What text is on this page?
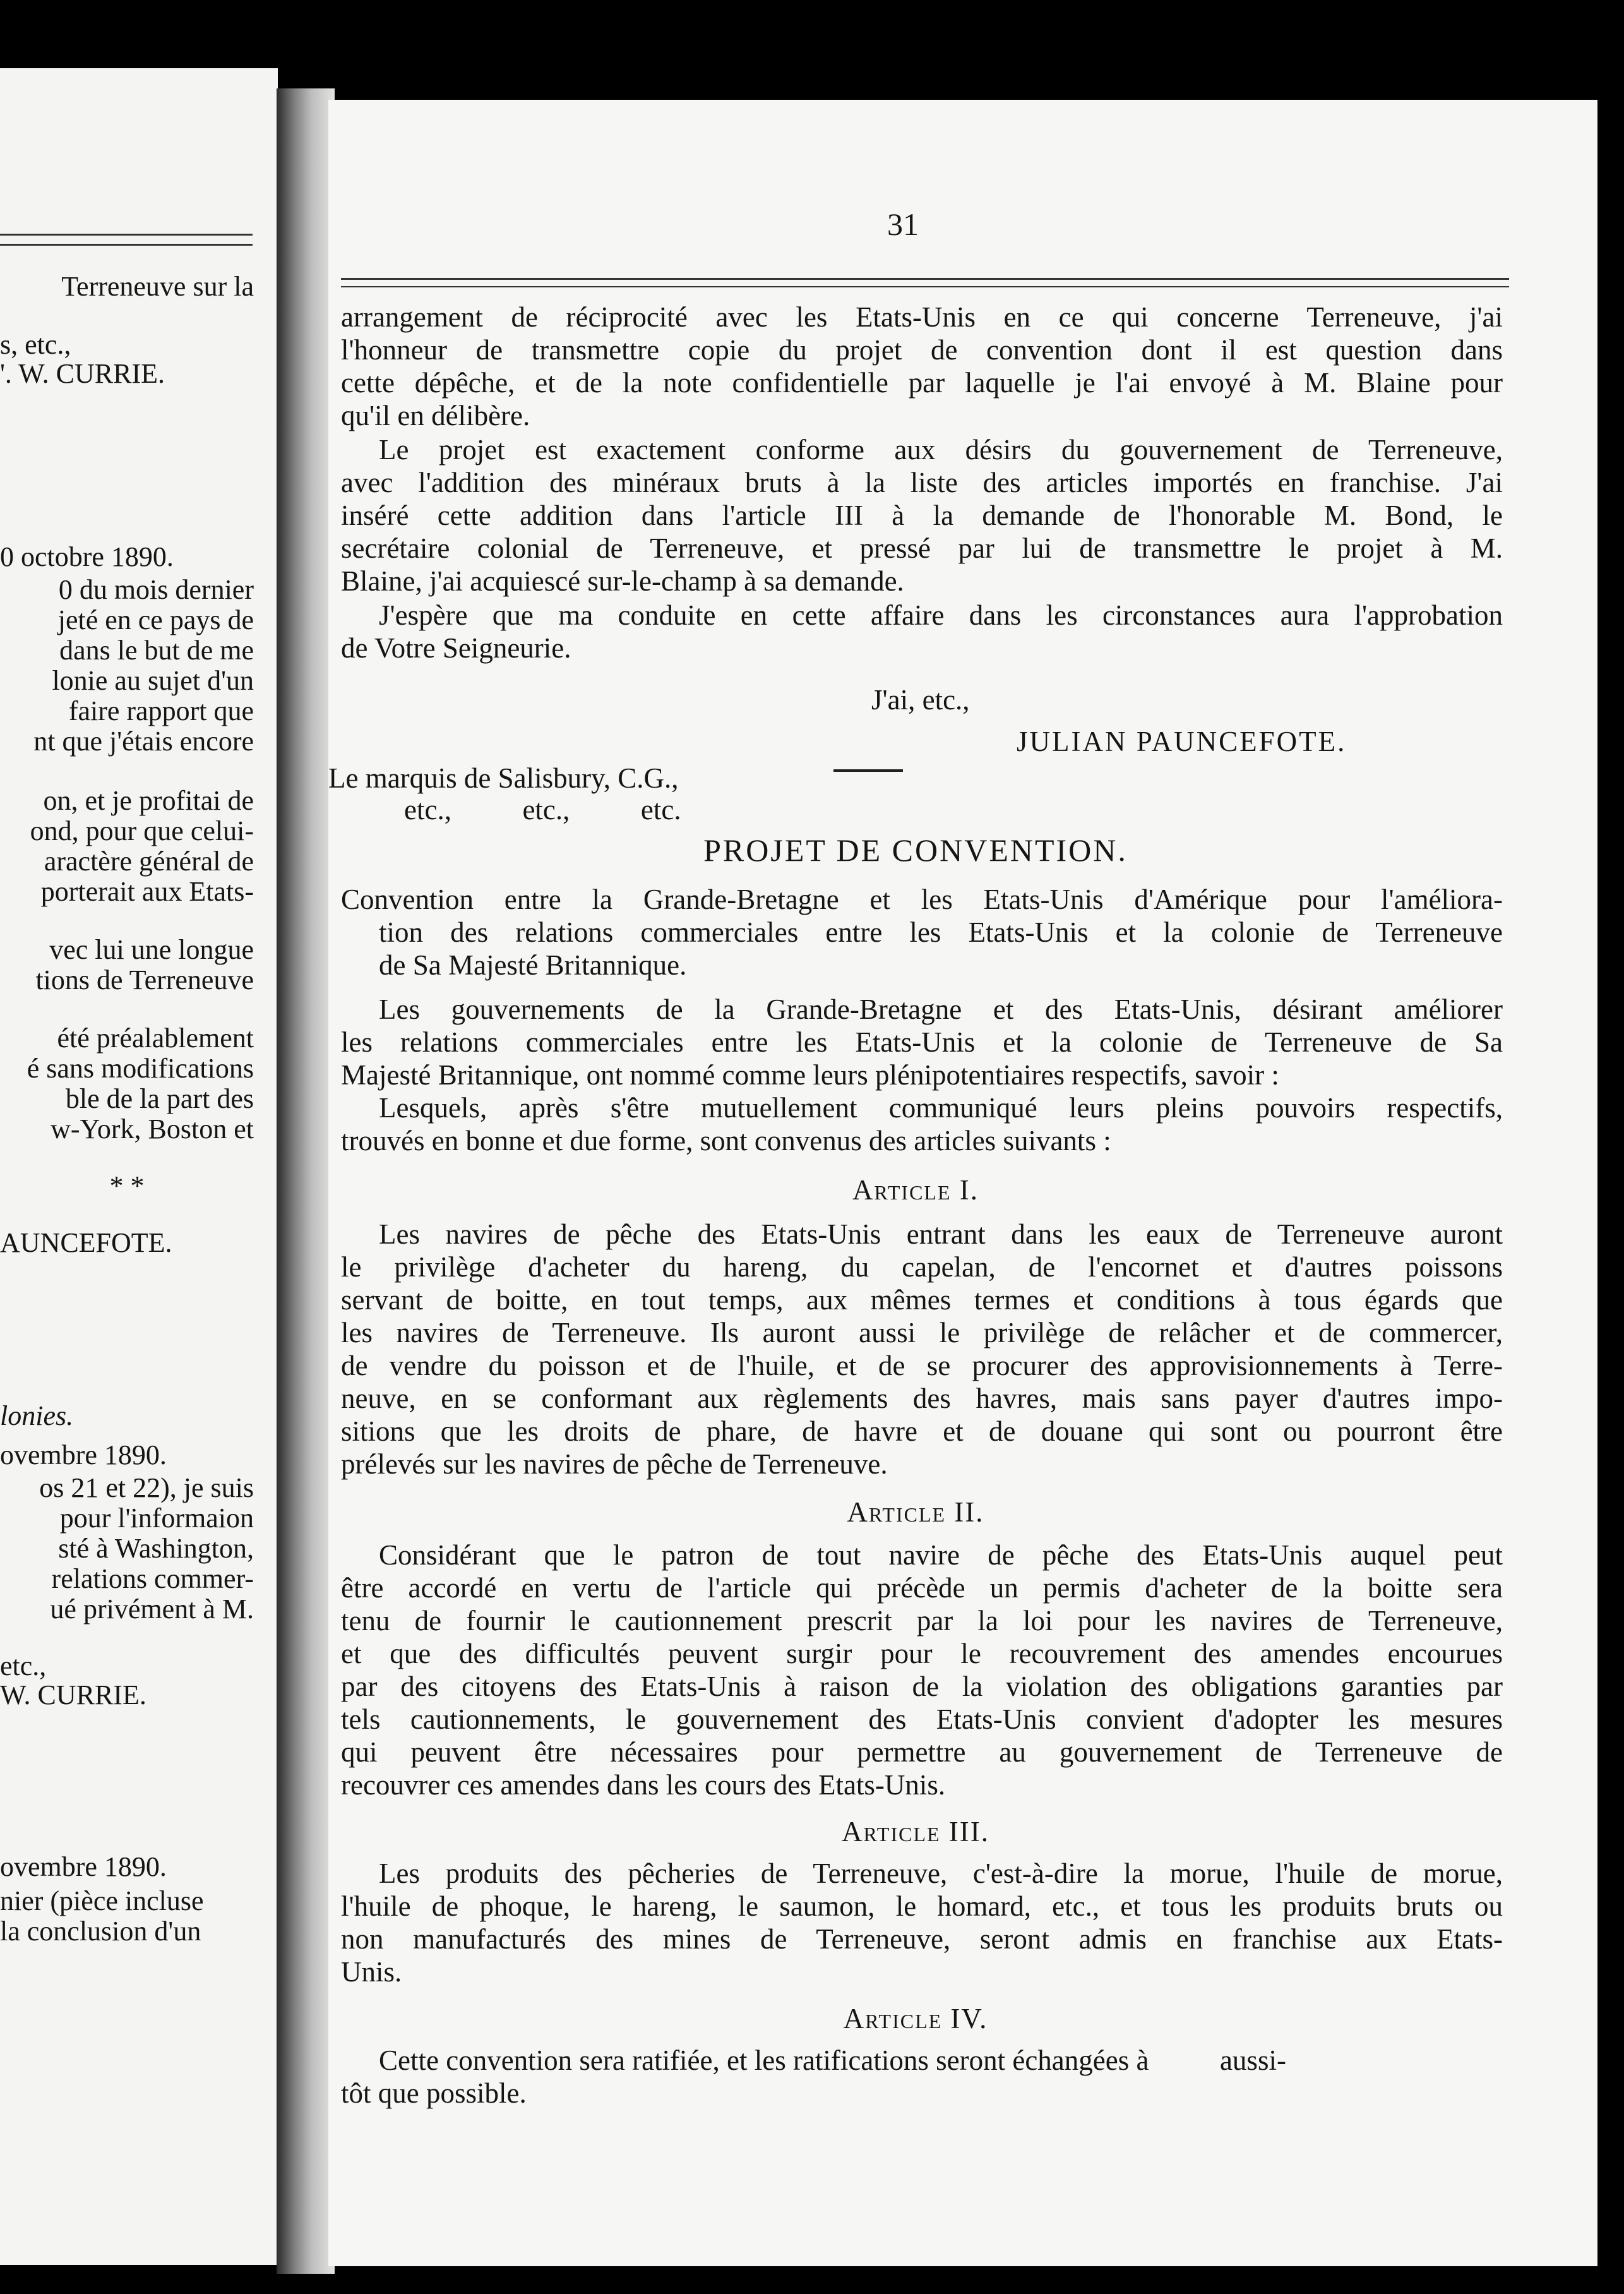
Terreneuve sur la
s, etc.,
'. W. CURRIE.
0 octobre 1890.
0 du mois dernier
jeté en ce pays de
dans le but de me
lonie au sujet d'un
faire rapport que
nt que j'étais encore
on, et je profitai de
ond, pour que celui-
aractère général de
porterait aux Etats-
vec lui une longue
tions de Terreneuve
été préalablement
é sans modifications
ble de la part des
w-York, Boston et
* *
AUNCEFOTE.
lonies.
ovembre 1890.
os 21 et 22), je suis
pour l'informaion
sté à Washington,
relations commer-
ué privément à M.
etc.,
W. CURRIE.
ovembre 1890.
nier (pièce incluse
la conclusion d'un
31
arrangement de réciprocité avec les Etats-Unis en ce qui concerne Terreneuve, j'ai
l'honneur de transmettre copie du projet de convention dont il est question dans
cette dépêche, et de la note confidentielle par laquelle je l'ai envoyé à M. Blaine pour
qu'il en délibère.
Le projet est exactement conforme aux désirs du gouvernement de Terreneuve,
avec l'addition des minéraux bruts à la liste des articles importés en franchise. J'ai
inséré cette addition dans l'article III à la demande de l'honorable M. Bond, le
secrétaire colonial de Terreneuve, et pressé par lui de transmettre le projet à M.
Blaine, j'ai acquiescé sur-le-champ à sa demande.
J'espère que ma conduite en cette affaire dans les circonstances aura l'approbation
de Votre Seigneurie.
J'ai, etc.,
JULIAN PAUNCEFOTE.
Le marquis de Salisbury, C.G.,
etc.,          etc.,          etc.
PROJET DE CONVENTION.
Convention entre la Grande-Bretagne et les Etats-Unis d'Amérique pour l'améliora-
tion des relations commerciales entre les Etats-Unis et la colonie de Terreneuve
de Sa Majesté Britannique.
Les gouvernements de la Grande-Bretagne et des Etats-Unis, désirant améliorer
les relations commerciales entre les Etats-Unis et la colonie de Terreneuve de Sa
Majesté Britannique, ont nommé comme leurs plénipotentiaires respectifs, savoir :
Lesquels, après s'être mutuellement communiqué leurs pleins pouvoirs respectifs,
trouvés en bonne et due forme, sont convenus des articles suivants :
Article I.
Les navires de pêche des Etats-Unis entrant dans les eaux de Terreneuve auront
le privilège d'acheter du hareng, du capelan, de l'encornet et d'autres poissons
servant de boitte, en tout temps, aux mêmes termes et conditions à tous égards que
les navires de Terreneuve. Ils auront aussi le privilège de relâcher et de commercer,
de vendre du poisson et de l'huile, et de se procurer des approvisionnements à Terre-
neuve, en se conformant aux règlements des havres, mais sans payer d'autres impo-
sitions que les droits de phare, de havre et de douane qui sont ou pourront être
prélevés sur les navires de pêche de Terreneuve.
Article II.
Considérant que le patron de tout navire de pêche des Etats-Unis auquel peut
être accordé en vertu de l'article qui précède un permis d'acheter de la boitte sera
tenu de fournir le cautionnement prescrit par la loi pour les navires de Terreneuve,
et que des difficultés peuvent surgir pour le recouvrement des amendes encourues
par des citoyens des Etats-Unis à raison de la violation des obligations garanties par
tels cautionnements, le gouvernement des Etats-Unis convient d'adopter les mesures
qui peuvent être nécessaires pour permettre au gouvernement de Terreneuve de
recouvrer ces amendes dans les cours des Etats-Unis.
Article III.
Les produits des pêcheries de Terreneuve, c'est-à-dire la morue, l'huile de morue,
l'huile de phoque, le hareng, le saumon, le homard, etc., et tous les produits bruts ou
non manufacturés des mines de Terreneuve, seront admis en franchise aux Etats-
Unis.
Article IV.
Cette convention sera ratifiée, et les ratifications seront échangées à          aussi-
tôt que possible.
